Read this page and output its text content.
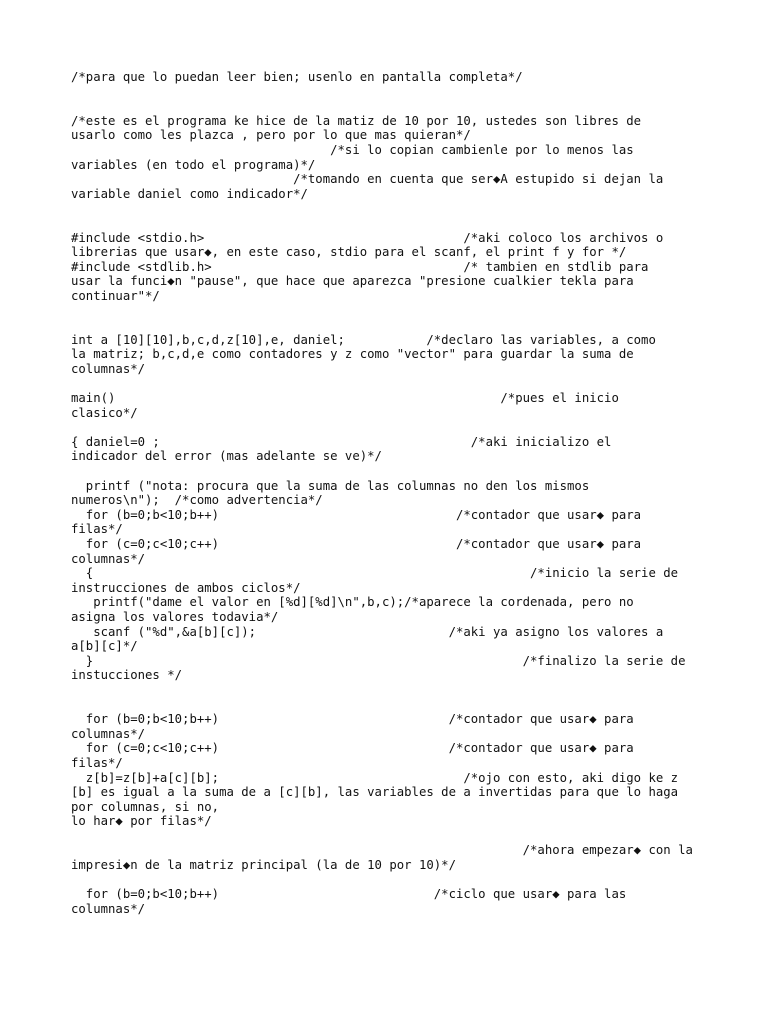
/*para que lo puedan leer bien; usenlo en pantalla completa*/
/*este es el programa ke hice de la matiz de 10 por 10, ustedes son libres de
usarlo como les plazca , pero por lo que mas quieran*/
/*si lo copian cambienle por lo menos las
variables (en todo el programa)*/
/*tomando en cuenta que ser◆A estupido si dejan la
variable daniel como indicador*/
#include <stdio.h>                                   /*aki coloco los archivos o
librerias que usar◆, en este caso, stdio para el scanf, el print f y for */
#include <stdlib.h>                                  /* tambien en stdlib para
usar la funci◆n "pause", que hace que aparezca "presione cualkier tekla para
continuar"*/
int a [10][10],b,c,d,z[10],e, daniel;           /*declaro las variables, a como
la matriz; b,c,d,e como contadores y z como "vector" para guardar la suma de
columnas*/
main()                                                    /*pues el inicio
clasico*/
{ daniel=0 ;                                          /*aki inicializo el
indicador del error (mas adelante se ve)*/
printf ("nota: procura que la suma de las columnas no den los mismos
numeros\n");  /*como advertencia*/
for (b=0;b<10;b++)                                /*contador que usar◆ para
filas*/
for (c=0;c<10;c++)                                /*contador que usar◆ para
columnas*/
{                                                           /*inicio la serie de
instrucciones de ambos ciclos*/
printf("dame el valor en [%d][%d]\n",b,c);/*aparece la cordenada, pero no
asigna los valores todavia*/
scanf ("%d",&a[b][c]);                          /*aki ya asigno los valores a
a[b][c]*/
}                                                          /*finalizo la serie de
instucciones */
for (b=0;b<10;b++)                               /*contador que usar◆ para
columnas*/
for (c=0;c<10;c++)                               /*contador que usar◆ para
filas*/
z[b]=z[b]+a[c][b];                                 /*ojo con esto, aki digo ke z
[b] es igual a la suma de a [c][b], las variables de a invertidas para que lo haga
por columnas, si no,
lo har◆ por filas*/
/*ahora empezar◆ con la
impresi◆n de la matriz principal (la de 10 por 10)*/
for (b=0;b<10;b++)                             /*ciclo que usar◆ para las
columnas*/
